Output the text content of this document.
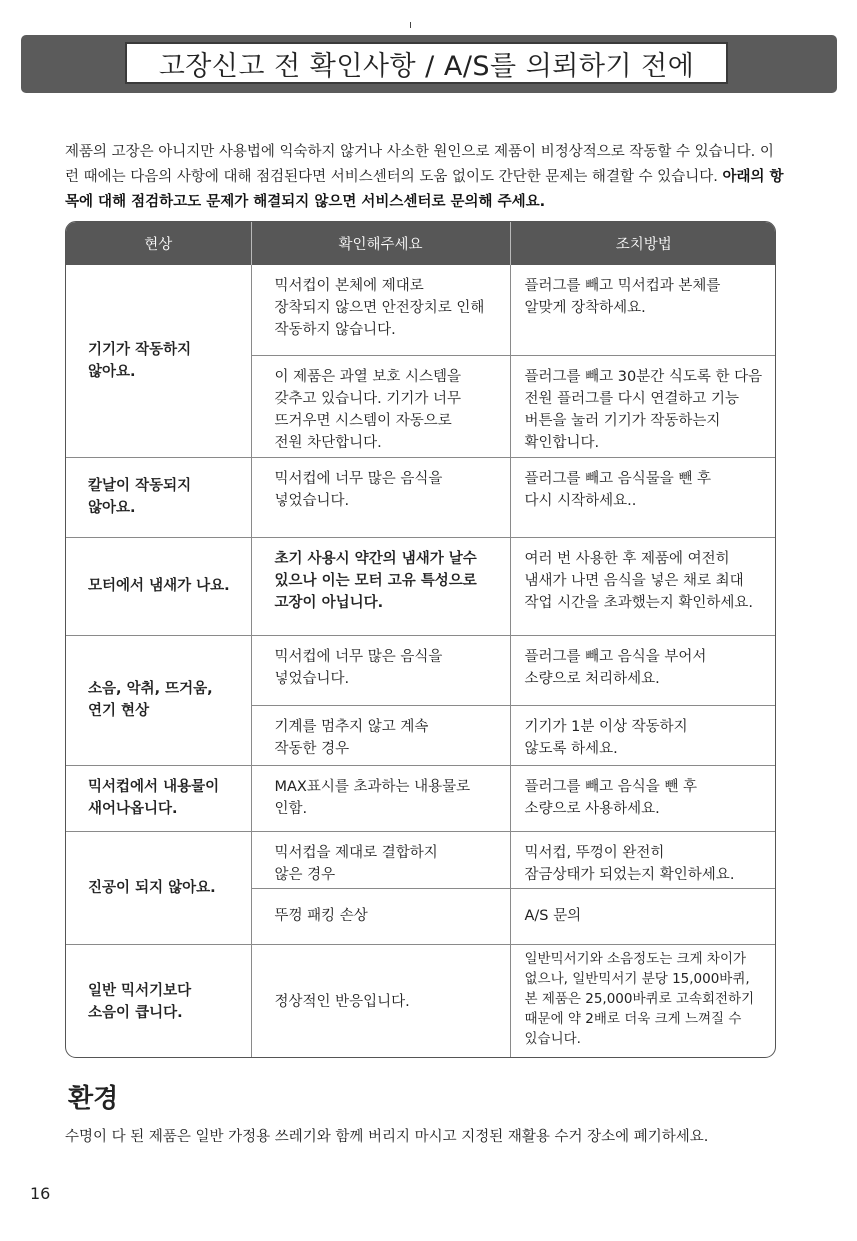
고장신고 전 확인사항 / A/S를 의뢰하기 전에
제품의 고장은 아니지만 사용법에 익숙하지 않거나 사소한 원인으로 제품이 비정상적으로 작동할 수 있습니다. 이런 때에는 다음의 사항에 대해 점검된다면 서비스센터의 도움 없이도 간단한 문제는 해결할 수 있습니다. 아래의 항목에 대해 점검하고도 문제가 해결되지 않으면 서비스센터로 문의해 주세요.
현상	확인해주세요	조치방법
기기가 작동하지
않아요.	믹서컵이 본체에 제대로
장착되지 않으면 안전장치로 인해
작동하지 않습니다.	플러그를 빼고 믹서컵과 본체를
알맞게 장착하세요.
	이 제품은 과열 보호 시스템을
갖추고 있습니다. 기기가 너무
뜨거우면 시스템이 자동으로
전원 차단합니다.	플러그를 빼고 30분간 식도록 한 다음
전원 플러그를 다시 연결하고 기능
버튼을 눌러 기기가 작동하는지
확인합니다.
칼날이 작동되지
않아요.	믹서컵에 너무 많은 음식을
넣었습니다.	플러그를 빼고 음식물을 뺀 후
다시 시작하세요..
모터에서 냄새가 나요.	초기 사용시 약간의 냄새가 날수
있으나 이는 모터 고유 특성으로
고장이 아닙니다.	여러 번 사용한 후 제품에 여전히
냄새가 나면 음식을 넣은 채로 최대
작업 시간을 초과했는지 확인하세요.
소음, 악취, 뜨거움,
연기 현상	믹서컵에 너무 많은 음식을
넣었습니다.	플러그를 빼고 음식을 부어서
소량으로 처리하세요.
	기계를 멈추지 않고 계속
작동한 경우	기기가 1분 이상 작동하지
않도록 하세요.
믹서컵에서 내용물이
새어나옵니다.	MAX표시를 초과하는 내용물로
인함.	플러그를 빼고 음식을 뺀 후
소량으로 사용하세요.
진공이 되지 않아요.	믹서컵을 제대로 결합하지
않은 경우	믹서컵, 뚜껑이 완전히
잠금상태가 되었는지 확인하세요.
	뚜껑 패킹 손상	A/S 문의
일반 믹서기보다
소음이 큽니다.	정상적인 반응입니다.	일반믹서기와 소음정도는 크게 차이가
없으나, 일반믹서기 분당 15,000바퀴,
본 제품은 25,000바퀴로 고속회전하기
때문에 약 2배로 더욱 크게 느껴질 수
있습니다.
환경
수명이 다 된 제품은 일반 가정용 쓰레기와 함께 버리지 마시고 지정된 재활용 수거 장소에 폐기하세요.
16
